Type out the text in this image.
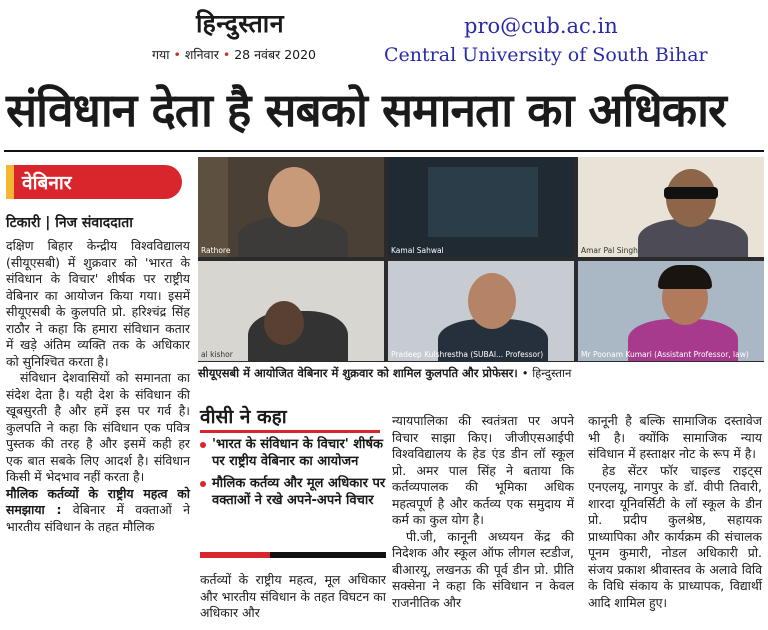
हिन्दुस्तान
गया • शनिवार • 28 नवंबर 2020
pro@cub.ac.in
Central University of South Bihar
संविधान देता है सबको समानता का अधिकार
वेबिनार
टिकारी | निज संवाददाता

दक्षिण बिहार केन्द्रीय विश्वविद्यालय (सीयूएसबी) में शुक्रवार को 'भारत के संविधान के विचार' शीर्षक पर राष्ट्रीय वेबिनार का आयोजन किया गया। इसमें सीयूएसबी के कुलपति प्रो. हरिश्चंद्र सिंह राठौर ने कहा कि हमारा संविधान कतार में खड़े अंतिम व्यक्ति तक के अधिकार को सुनिश्चित करता है।

संविधान देशवासियों को समानता का संदेश देता है। यही देश के संविधान की खूबसुरती है और हमें इस पर गर्व है। कुलपति ने कहा कि संविधान एक पवित्र पुस्तक की तरह है और इसमें कही हर एक बात सबके लिए आदर्श है। संविधान किसी में भेदभाव नहीं करता है।

मौलिक कर्तव्यों के राष्ट्रीय महत्व को समझाया : वेबिनार में वक्ताओं ने भारतीय संविधान के तहत मौलिक

Rathore	Kamal Sahwal	Amar Pal Singh
al kishor	Pradeep Kulshrestha (SUBAI... Professor)	Mr Poonam Kumari (Assistant Professor, law)
सीयूएसबी में आयोजित वेबिनार में शुक्रवार को शामिल कुलपति और प्रोफेसर। • हिन्दुस्तान
वीसी ने कहा
'भारत के संविधान के विचार' शीर्षक पर राष्ट्रीय वेबिनार का आयोजन
मौलिक कर्तव्य और मूल अधिकार पर वक्ताओं ने रखे अपने-अपने विचार

कर्तव्यों के राष्ट्रीय महत्व, मूल अधिकार और भारतीय संविधान के तहत विघटन का अधिकार और

न्यायपालिका की स्वतंत्रता पर अपने विचार साझा किए। जीजीएसआईपी विश्वविद्यालय के हेड एंड डीन लॉ स्कूल प्रो. अमर पाल सिंह ने बताया कि कर्तव्यपालक की भूमिका अधिक महत्वपूर्ण है और कर्तव्य एक समुदाय में कर्म का कुल योग है।

पी.जी, कानूनी अध्ययन केंद्र की निदेशक और स्कूल ऑफ लीगल स्टडीज, बीआरयू, लखनऊ की पूर्व डीन प्रो. प्रीति सक्सेना ने कहा कि संविधान न केवल राजनीतिक और

कानूनी है बल्कि सामाजिक दस्तावेज भी है। क्योंकि सामाजिक न्याय संविधान में हस्ताक्षर नोट के रूप में है।

हेड सेंटर फॉर चाइल्ड राइट्स एनएलयू, नागपुर के डॉ. वीपी तिवारी, शारदा यूनिवर्सिटी के लॉ स्कूल के डीन प्रो. प्रदीप कुलश्रेष्ठ, सहायक प्राध्यापिका और कार्यक्रम की संचालक पूनम कुमारी, नोडल अधिकारी प्रो. संजय प्रकाश श्रीवास्तव के अलावे विवि के विधि संकाय के प्राध्यापक, विद्यार्थी आदि शामिल हुए।
